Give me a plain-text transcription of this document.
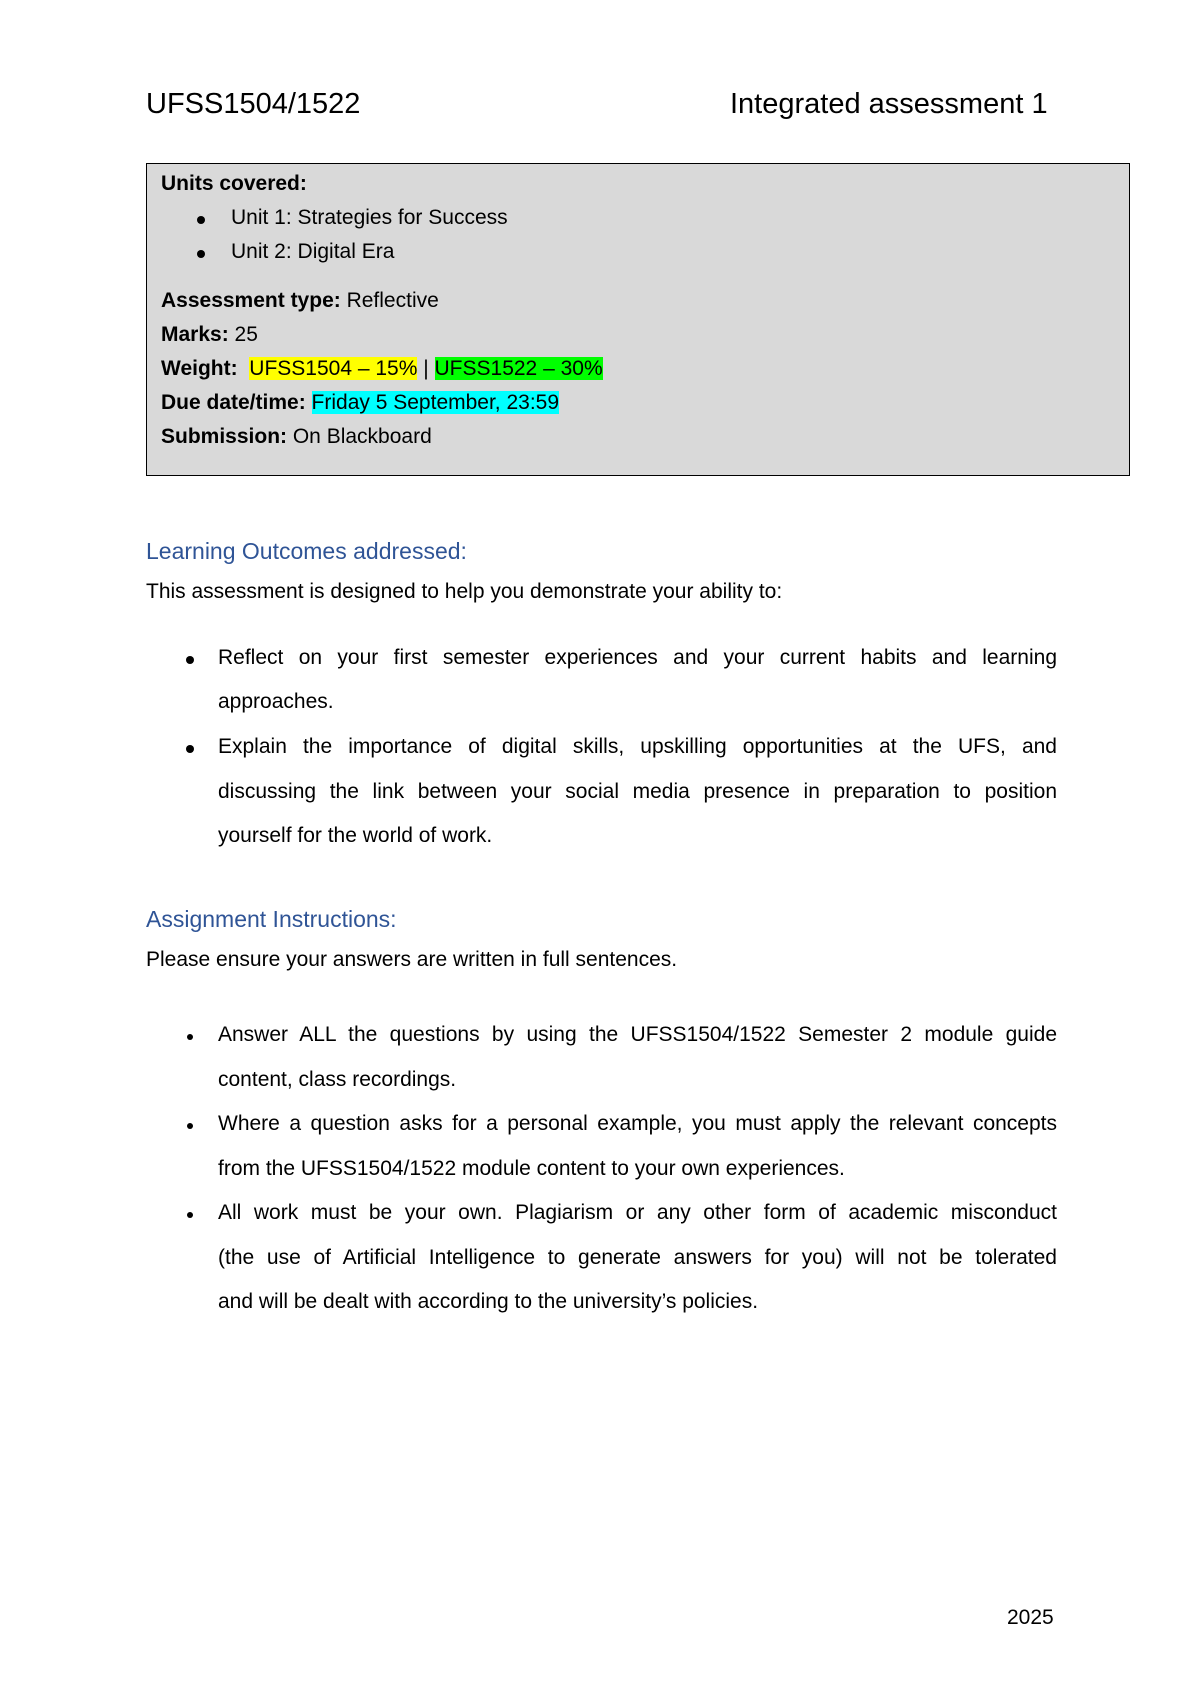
UFSS1504/1522	Integrated assessment 1
Units covered:
Unit 1: Strategies for Success
Unit 2: Digital Era
Assessment type: Reflective
Marks: 25
Weight: UFSS1504 – 15% | UFSS1522 – 30%
Due date/time: Friday 5 September, 23:59
Submission: On Blackboard
Learning Outcomes addressed:
This assessment is designed to help you demonstrate your ability to:
Reflect on your first semester experiences and your current habits and learning
approaches.
Explain the importance of digital skills, upskilling opportunities at the UFS, and
discussing the link between your social media presence in preparation to position
yourself for the world of work.
Assignment Instructions:
Please ensure your answers are written in full sentences.
Answer ALL the questions by using the UFSS1504/1522 Semester 2 module guide
content, class recordings.
Where a question asks for a personal example, you must apply the relevant concepts
from the UFSS1504/1522 module content to your own experiences.
All work must be your own. Plagiarism or any other form of academic misconduct
(the use of Artificial Intelligence to generate answers for you) will not be tolerated
and will be dealt with according to the university’s policies.
2025
